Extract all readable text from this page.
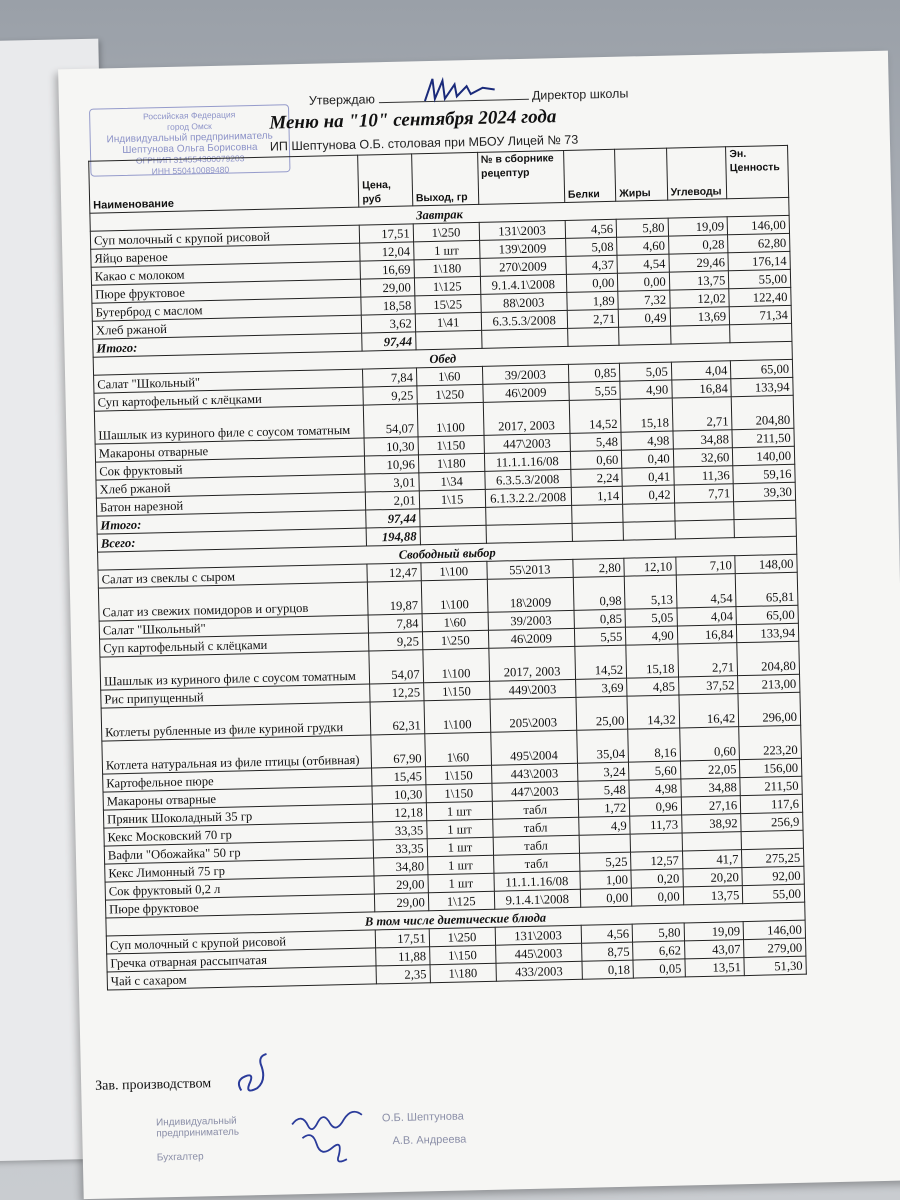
Российская Федерация
город Омск
Индивидуальный предприниматель
Шептунова Ольга Борисовна
ОГРНИП 314554300079203
ИНН 550410089480
Утверждаю	Директор школы
Меню на "10" сентября 2024 года
ИП Шептунова О.Б. столовая при МБОУ Лицей № 73
Наименование	Цена, руб	Выход, гр	№ в сборнике рецептур	Белки	Жиры	Углеводы	Эн. Ценность
Завтрак							
Суп молочный с крупой рисовой	17,51	1\250	131\2003	4,56	5,80	19,09	146,00
Яйцо вареное	12,04	1 шт	139\2009	5,08	4,60	0,28	62,80
Какао с молоком	16,69	1\180	270\2009	4,37	4,54	29,46	176,14
Пюре фруктовое	29,00	1\125	9.1.4.1\2008	0,00	0,00	13,75	55,00
Бутерброд с маслом	18,58	15\25	88\2003	1,89	7,32	12,02	122,40
Хлеб ржаной	3,62	1\41	6.3.5.3/2008	2,71	0,49	13,69	71,34
Итого:	97,44						
Обед							
Салат "Школьный"	7,84	1\60	39/2003	0,85	5,05	4,04	65,00
Суп картофельный с клёцками	9,25	1\250	46\2009	5,55	4,90	16,84	133,94
Шашлык из куриного филе с соусом томатным	54,07	1\100	2017, 2003	14,52	15,18	2,71	204,80
Макароны отварные	10,30	1\150	447\2003	5,48	4,98	34,88	211,50
Сок фруктовый	10,96	1\180	11.1.1.16/08	0,60	0,40	32,60	140,00
Хлеб ржаной	3,01	1\34	6.3.5.3/2008	2,24	0,41	11,36	59,16
Батон нарезной	2,01	1\15	6.1.3.2.2./2008	1,14	0,42	7,71	39,30
Итого:	97,44						
Всего:	194,88						
Свободный выбор							
Салат из свеклы с сыром	12,47	1\100	55\2013	2,80	12,10	7,10	148,00
Салат из свежих помидоров и огурцов	19,87	1\100	18\2009	0,98	5,13	4,54	65,81
Салат "Школьный"	7,84	1\60	39/2003	0,85	5,05	4,04	65,00
Суп картофельный с клёцками	9,25	1\250	46\2009	5,55	4,90	16,84	133,94
Шашлык из куриного филе с соусом томатным	54,07	1\100	2017, 2003	14,52	15,18	2,71	204,80
Рис припущенный	12,25	1\150	449\2003	3,69	4,85	37,52	213,00
Котлеты рубленные из филе куриной грудки	62,31	1\100	205\2003	25,00	14,32	16,42	296,00
Котлета натуральная из филе птицы (отбивная)	67,90	1\60	495\2004	35,04	8,16	0,60	223,20
Картофельное пюре	15,45	1\150	443\2003	3,24	5,60	22,05	156,00
Макароны отварные	10,30	1\150	447\2003	5,48	4,98	34,88	211,50
Пряник Шоколадный 35 гр	12,18	1 шт	табл	1,72	0,96	27,16	117,6
Кекс Московский 70 гр	33,35	1 шт	табл	4,9	11,73	38,92	256,9
Вафли "Обожайка" 50 гр	33,35	1 шт	табл				
Кекс Лимонный 75 гр	34,80	1 шт	табл	5,25	12,57	41,7	275,25
Сок фруктовый 0,2 л	29,00	1 шт	11.1.1.16/08	1,00	0,20	20,20	92,00
Пюре фруктовое	29,00	1\125	9.1.4.1\2008	0,00	0,00	13,75	55,00
В том числе диетические блюда							
Суп молочный с крупой рисовой	17,51	1\250	131\2003	4,56	5,80	19,09	146,00
Гречка отварная рассыпчатая	11,88	1\150	445\2003	8,75	6,62	43,07	279,00
Чай с сахаром	2,35	1\180	433/2003	0,18	0,05	13,51	51,30
Зав. производством
Индивидуальный предприниматель
О.Б. Шептунова
Бухгалтер
А.В. Андреева
